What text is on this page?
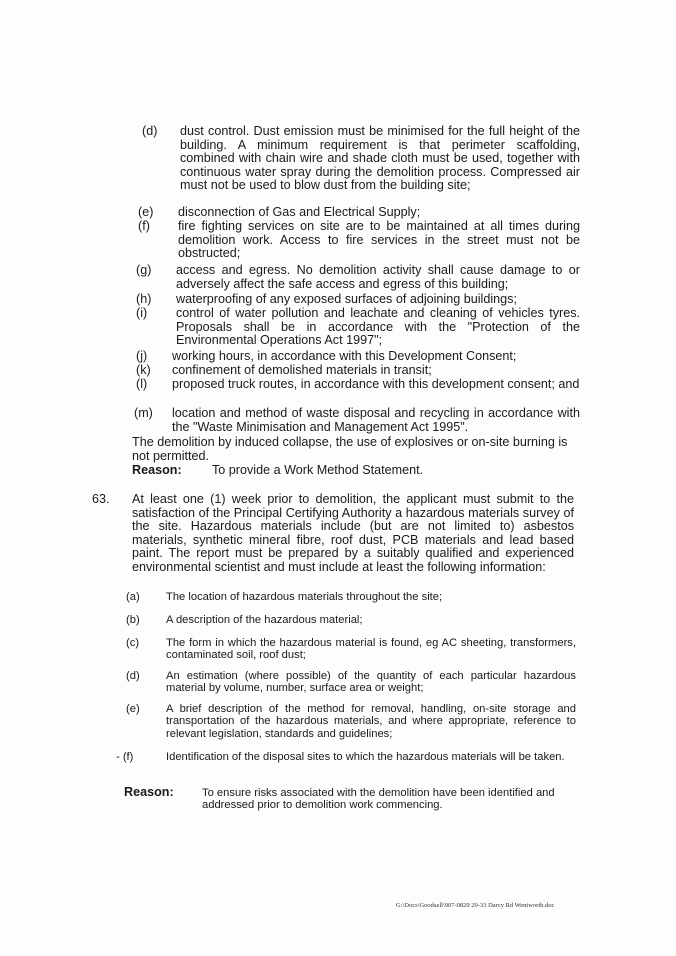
(d) dust control. Dust emission must be minimised for the full height of the building. A minimum requirement is that perimeter scaffolding, combined with chain wire and shade cloth must be used, together with continuous water spray during the demolition process. Compressed air must not be used to blow dust from the building site;
(e) disconnection of Gas and Electrical Supply;
(f) fire fighting services on site are to be maintained at all times during demolition work. Access to fire services in the street must not be obstructed;
(g) access and egress. No demolition activity shall cause damage to or adversely affect the safe access and egress of this building;
(h) waterproofing of any exposed surfaces of adjoining buildings;
(i) control of water pollution and leachate and cleaning of vehicles tyres. Proposals shall be in accordance with the "Protection of the Environmental Operations Act 1997";
(j) working hours, in accordance with this Development Consent;
(k) confinement of demolished materials in transit;
(l) proposed truck routes, in accordance with this development consent; and
(m) location and method of waste disposal and recycling in accordance with the "Waste Minimisation and Management Act 1995".
The demolition by induced collapse, the use of explosives or on-site burning is not permitted.
Reason: To provide a Work Method Statement.
63. At least one (1) week prior to demolition, the applicant must submit to the satisfaction of the Principal Certifying Authority a hazardous materials survey of the site. Hazardous materials include (but are not limited to) asbestos materials, synthetic mineral fibre, roof dust, PCB materials and lead based paint. The report must be prepared by a suitably qualified and experienced environmental scientist and must include at least the following information:
(a) The location of hazardous materials throughout the site;
(b) A description of the hazardous material;
(c) The form in which the hazardous material is found, eg AC sheeting, transformers, contaminated soil, roof dust;
(d) An estimation (where possible) of the quantity of each particular hazardous material by volume, number, surface area or weight;
(e) A brief description of the method for removal, handling, on-site storage and transportation of the hazardous materials, and where appropriate, reference to relevant legislation, standards and guidelines;
- (f)	Identification of the disposal sites to which the hazardous materials will be taken.
Reason:	To ensure risks associated with the demolition have been identified and addressed prior to demolition work commencing.
G:\Docs\Goodsell\907-0829 29-33 Darcy Rd Wentworth.doc
